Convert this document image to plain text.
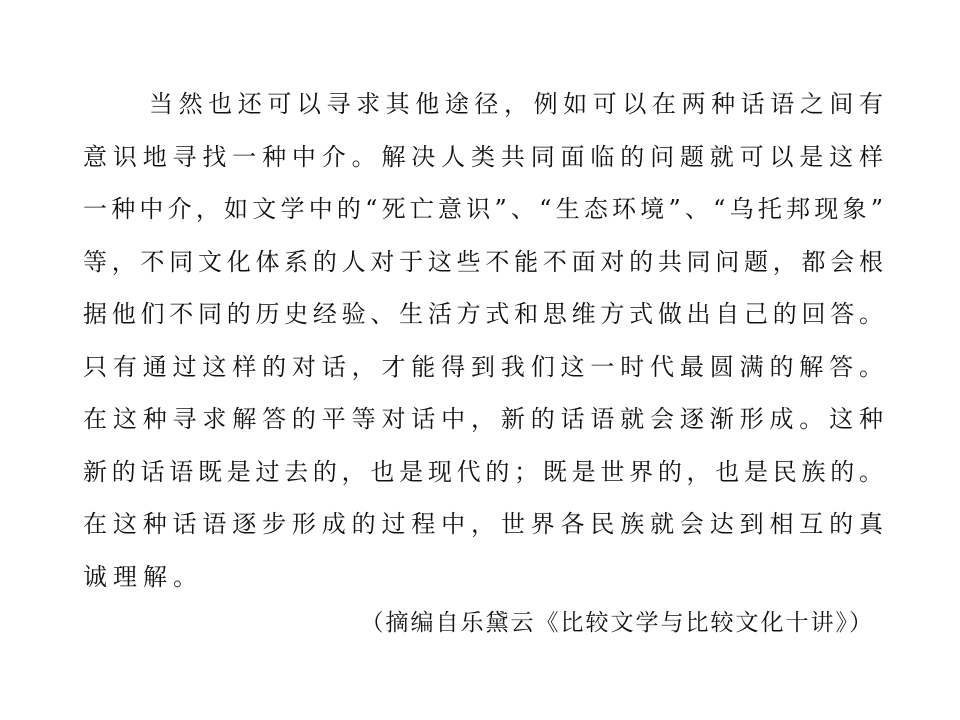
当然也还可以寻求其他途径，例如可以在两种话语之间有
意识地寻找一种中介。解决人类共同面临的问题就可以是这样
一种中介，如文学中的“死亡意识”、“生态环境”、“乌托邦现象”
等，不同文化体系的人对于这些不能不面对的共同问题，都会根
据他们不同的历史经验、生活方式和思维方式做出自己的回答。
只有通过这样的对话，才能得到我们这一时代最圆满的解答。
在这种寻求解答的平等对话中，新的话语就会逐渐形成。这种
新的话语既是过去的，也是现代的；既是世界的，也是民族的。
在这种话语逐步形成的过程中，世界各民族就会达到相互的真
诚理解。
（摘编自乐黛云《比较文学与比较文化十讲》）
